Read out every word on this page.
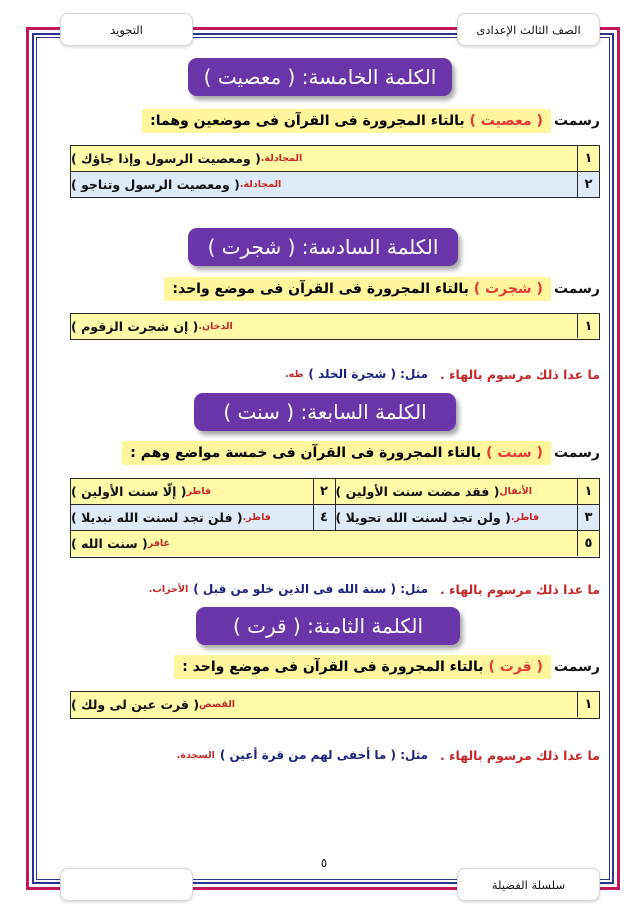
الصف الثالث الإعدادى
التجويد
الكلمة الخامسة: ( معصيت )
رسمت
( معصيت ) بالتاء المجرورة فى القرآن فى موضعين وهما:
١
( ومعصيت الرسول وإذا جاؤك ) المجادلة.
٢
( ومعصيت الرسول وتناجو ) المجادلة.
الكلمة السادسة: ( شجرت )
رسمت
( شجرت ) بالتاء المجرورة فى القرآن فى موضع واحد:
١
( إن شجرت الزقوم ) الدخان.
ما عدا ذلك مرسوم بالهاء .
مثل: ( شجرة الخلد )
طه.
الكلمة السابعة: ( سنت )
رسمت
( سنت ) بالتاء المجرورة فى القرآن فى خمسة مواضع وهم :
١
( فقد مضت سنت الأولين ) الأنفال
٢
( إلّا سنت الأولين ) فاطر
٣
( ولن تجد لسنت الله تحويلا ) فاطر.
٤
( فلن تجد لسنت الله تبديلا ) فاطر.
٥
( سنت الله ) غافر
ما عدا ذلك مرسوم بالهاء .
مثل: ( سنة الله فى الذين خلو من قبل )
الأحزاب.
الكلمة الثامنة: ( قرت )
رسمت
( قرت ) بالتاء المجرورة فى القرآن فى موضع واحد :
١
( قرت عين لى ولك ) القصص
ما عدا ذلك مرسوم بالهاء .
مثل: ( ما أخفى لهم من قرة أعين )
السجدة.
٥
سلسلة الفضيلة
